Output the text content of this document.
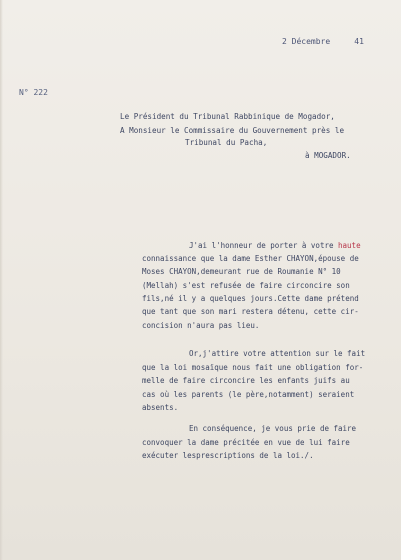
2 Décembre     41
N° 222
Le Président du Tribunal Rabbinique de Mogador,
A Monsieur le Commissaire du Gouvernement près le
Tribunal du Pacha,
à MOGADOR.
J'ai l'honneur de porter à votre haute
connaissance que la dame Esther CHAYON,épouse de
Moses CHAYON,demeurant rue de Roumanie N° 10
(Mellah) s'est refusée de faire circoncire son
fils,né il y a quelques jours.Cette dame prétend
que tant que son mari restera détenu, cette cir-
concision n'aura pas lieu.
Or,j'attire votre attention sur le fait
que la loi mosaïque nous fait une obligation for-
melle de faire circoncire les enfants juifs au
cas où les parents (le père,notamment) seraient
absents.
En conséquence, je vous prie de faire
convoquer la dame précitée en vue de lui faire
exécuter lesprescriptions de la loi./.
